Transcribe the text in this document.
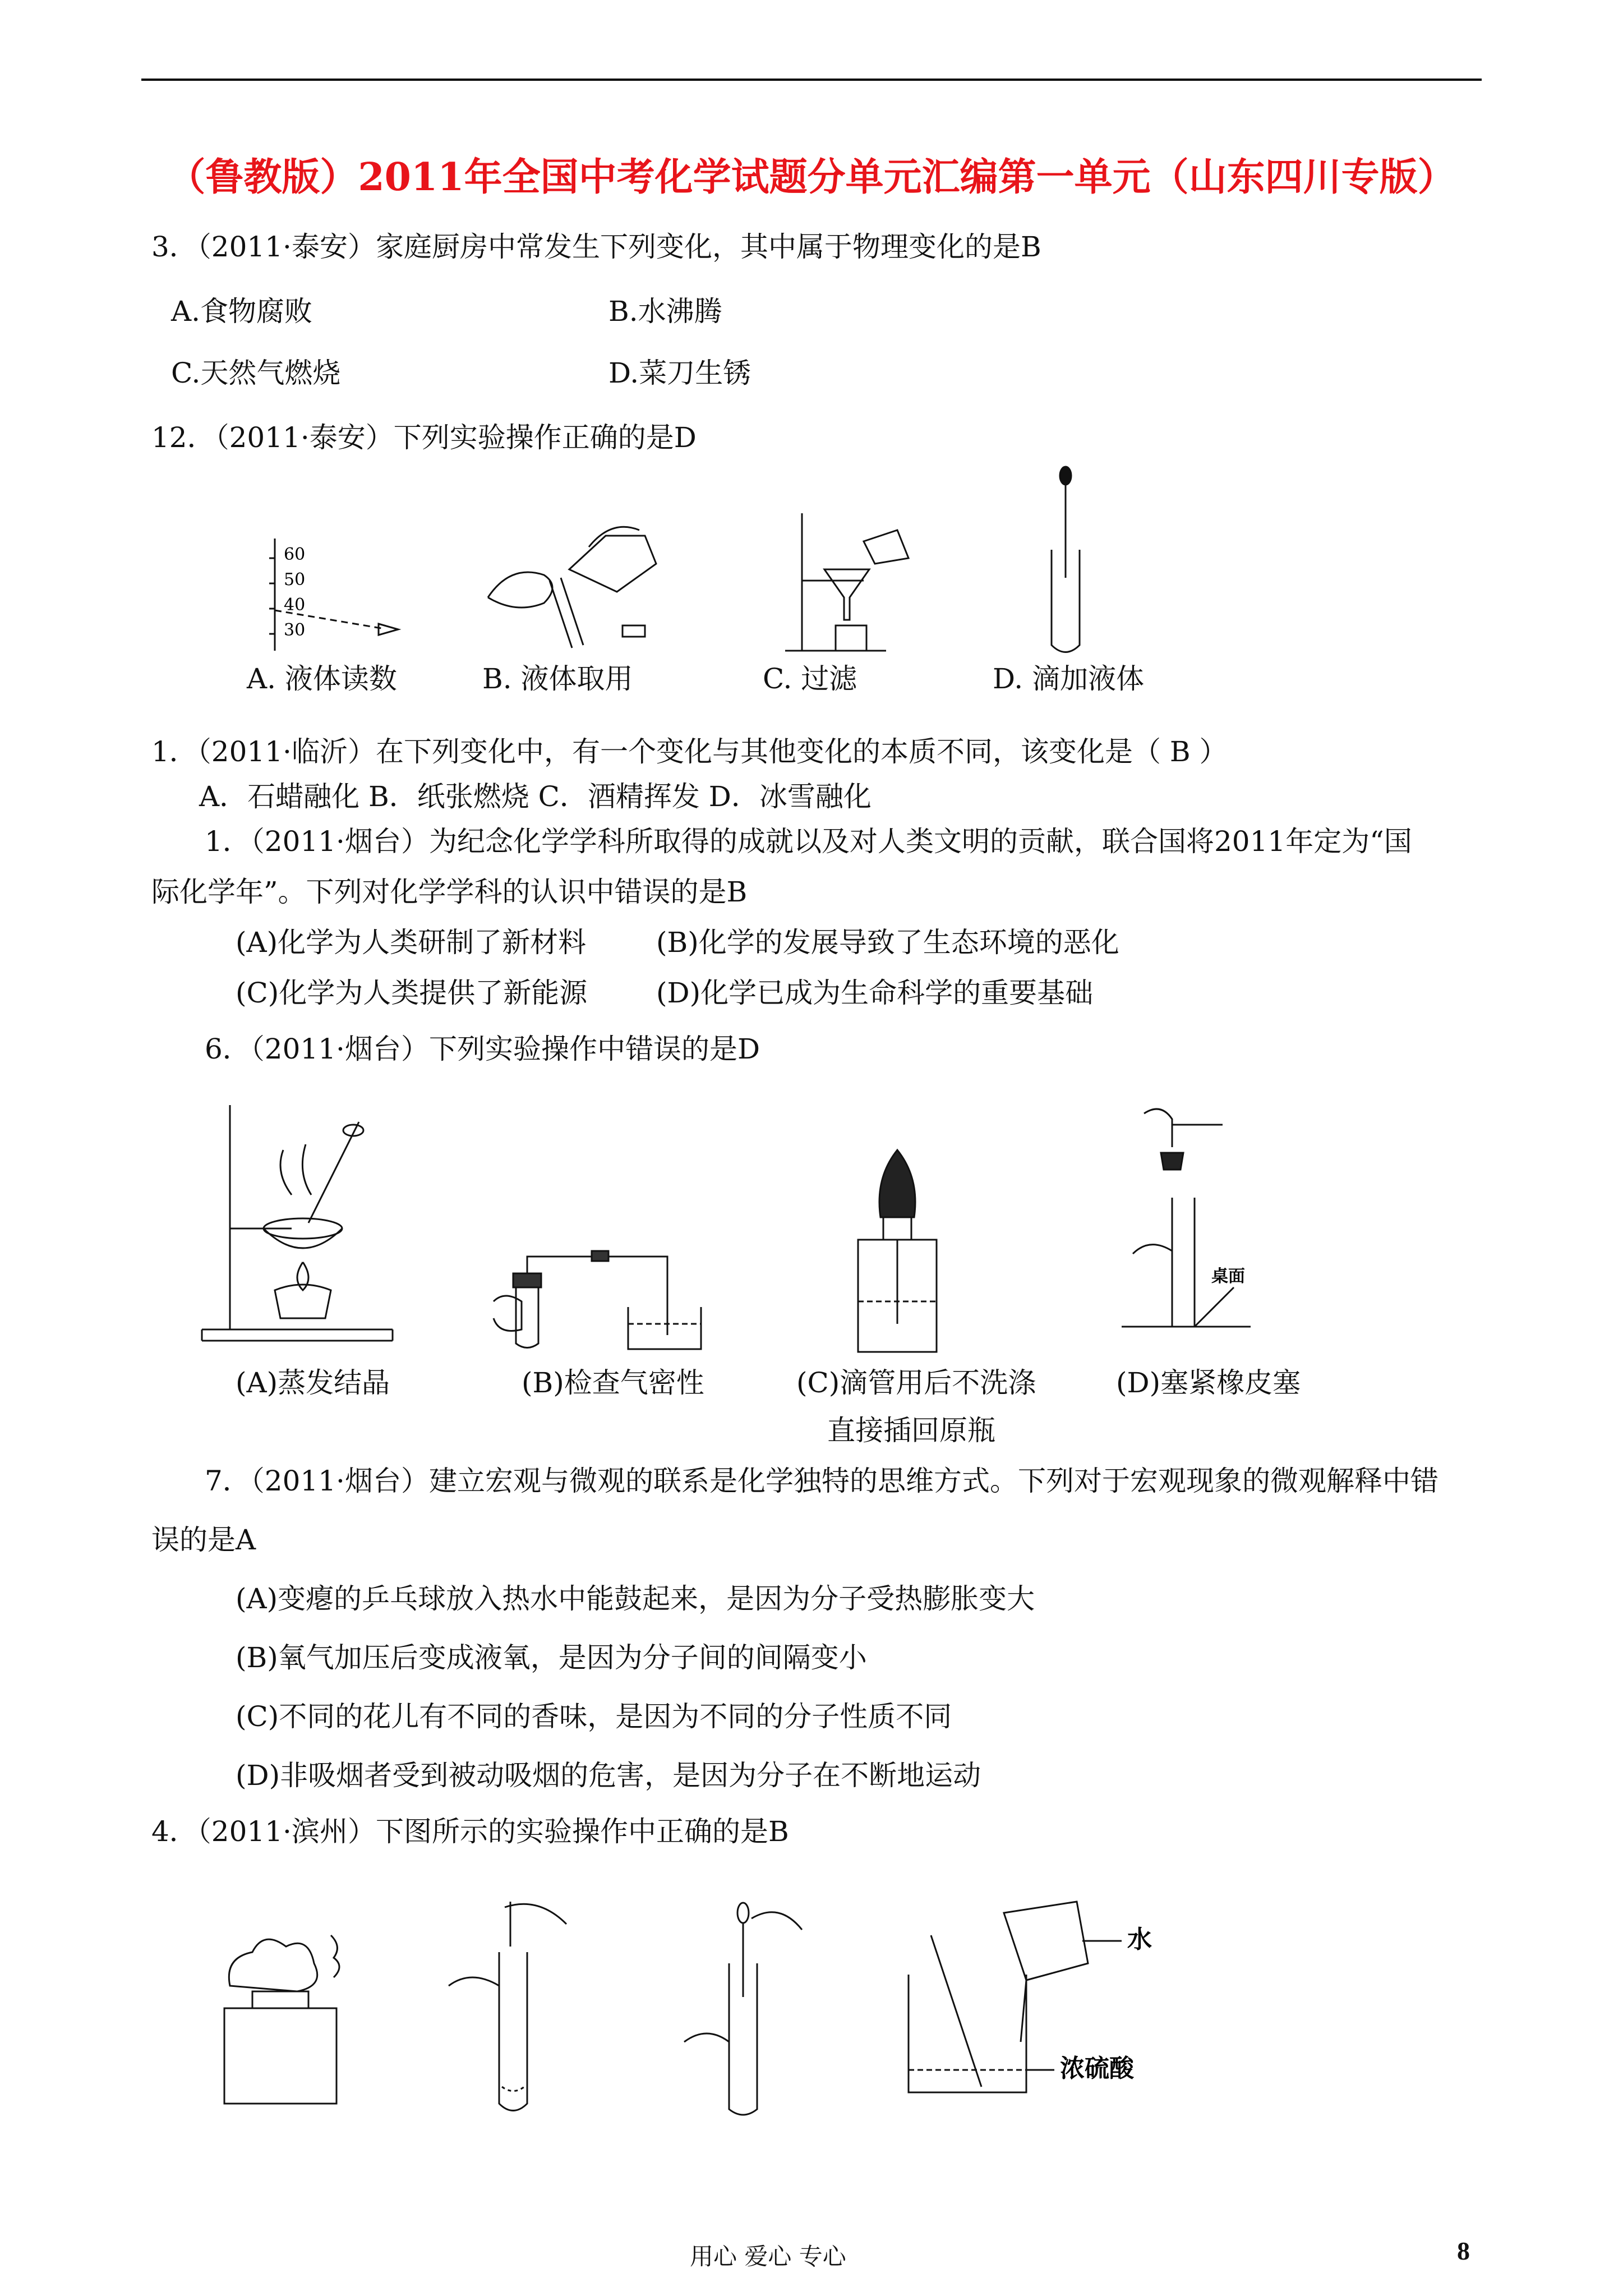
（鲁教版）2011年全国中考化学试题分单元汇编第一单元（山东四川专版）
3．（2011·泰安）家庭厨房中常发生下列变化，其中属于物理变化的是B
A.食物腐败	B.水沸腾
C.天然气燃烧	D.菜刀生锈
12．（2011·泰安）下列实验操作正确的是D
60
50
40
30
A. 液体读数	B. 液体取用	C. 过滤	D. 滴加液体
1．（2011·临沂）在下列变化中，有一个变化与其他变化的本质不同，该变化是（ B ）
A．石蜡融化 B．纸张燃烧 C．酒精挥发 D．冰雪融化
1．（2011·烟台）为纪念化学学科所取得的成就以及对人类文明的贡献，联合国将2011年定为“国
际化学年”。下列对化学学科的认识中错误的是B
(A)化学为人类研制了新材料 (B)化学的发展导致了生态环境的恶化
(C)化学为人类提供了新能源 (D)化学已成为生命科学的重要基础
6．（2011·烟台）下列实验操作中错误的是D
桌面
(A)蒸发结晶	(B)检查气密性	(C)滴管用后不洗涤
直接插回原瓶
(D)塞紧橡皮塞
7．（2011·烟台）建立宏观与微观的联系是化学独特的思维方式。下列对于宏观现象的微观解释中错
误的是A
(A)变瘪的乒乓球放入热水中能鼓起来，是因为分子受热膨胀变大
(B)氧气加压后变成液氧，是因为分子间的间隔变小
(C)不同的花儿有不同的香味，是因为不同的分子性质不同
(D)非吸烟者受到被动吸烟的危害，是因为分子在不断地运动
4．（2011·滨州）下图所示的实验操作中正确的是B
水
浓硫酸
用心 爱心 专心	8
